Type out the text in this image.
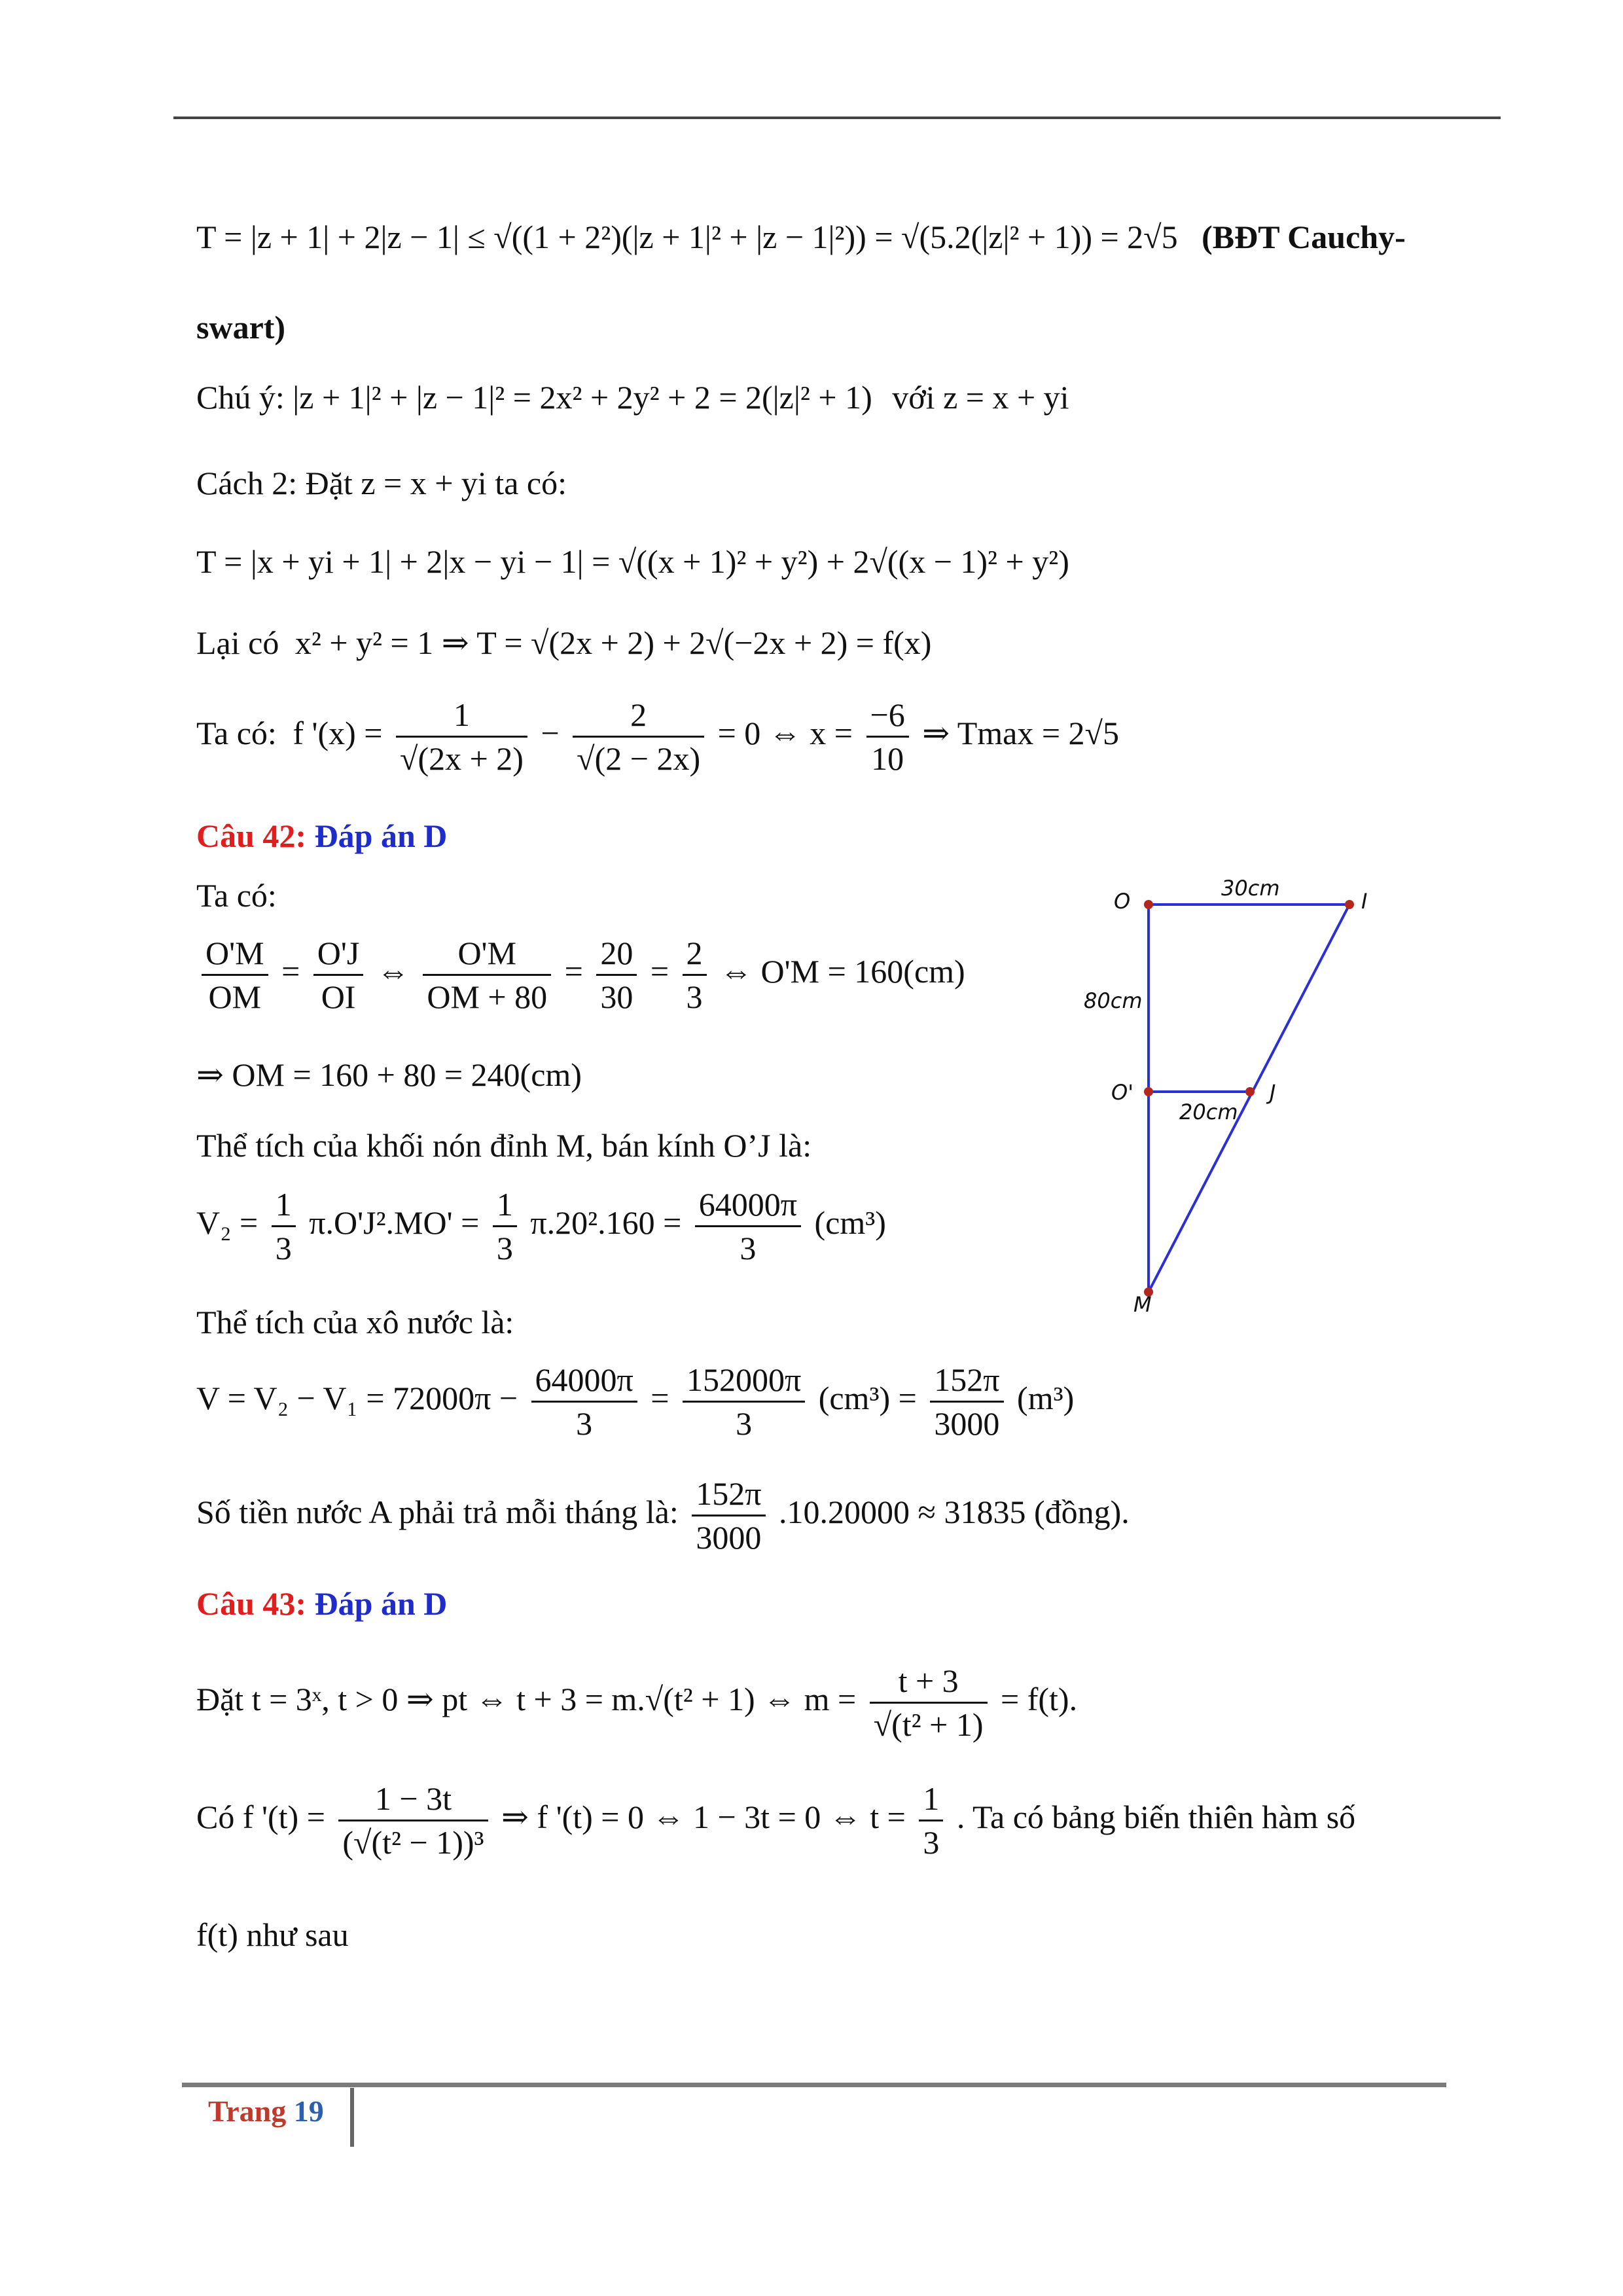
T = |z + 1| + 2|z − 1| ≤ √((1 + 2²)(|z + 1|² + |z − 1|²)) = √(5.2(|z|² + 1)) = 2√5 (BĐT Cauchy-
swart)
Chú ý: |z + 1|² + |z − 1|² = 2x² + 2y² + 2 = 2(|z|² + 1) với z = x + yi
Cách 2: Đặt z = x + yi ta có:
T = |x + yi + 1| + 2|x − yi − 1| = √((x + 1)² + y²) + 2√((x − 1)² + y²)
Lại có x² + y² = 1 ⇒ T = √(2x + 2) + 2√(−2x + 2) = f(x)
Ta có: f '$(x) = \frac{1}{√(2x + 2)} - \frac{2}{√(2 - 2x)} = 0$ ⇔ $x = \frac{-6}{10}$ ⇒ Tmax = 2√5
Câu 42: Đáp án D
Ta có:
$\frac{O'M}{OM} = \frac{O'J}{OI}$ ⇔ $\frac{O'M}{OM + 80} = \frac{20}{30} = \frac{2}{3}$ ⇔ O'M = 160(cm)
⇒ OM = 160 + 80 = 240(cm)
Thể tích của khối nón đỉnh M, bán kính O’J là:
$V_2 = \frac{1}{3} \pi.O'J^2.MO' = \frac{1}{3} \pi.20^2.160 = \frac{64000\pi}{3} (cm^3)$
Thể tích của xô nước là:
$V = V_2 - V_1 = 72000\pi - \frac{64000\pi}{3} = \frac{152000\pi}{3} (cm^3) = \frac{152\pi}{3000} (m^3)$
Số tiền nước A phải trả mỗi tháng là: $\frac{152\pi}{3000} .10.20000 \approx 31835$ (đồng).
O	I
O'	J
M
30cm
80cm
20cm
Câu 43: Đáp án D
Đặt t = 3ˣ, t > 0 ⇒ pt ⇔ t + 3 = m.√(t² + 1) ⇔ $m = \frac{t + 3}{\text{√(t² + 1)}} = f(t)$.
Có f '$(t) = \frac{1 - 3t}{\text{(√(t² − 1))³}}$ ⇒ f '(t) = 0 ⇔ 1 − 3t = 0 ⇔ $t = \frac{1}{3}$ . Ta có bảng biến thiên hàm số
f(t) như sau
Trang 19
